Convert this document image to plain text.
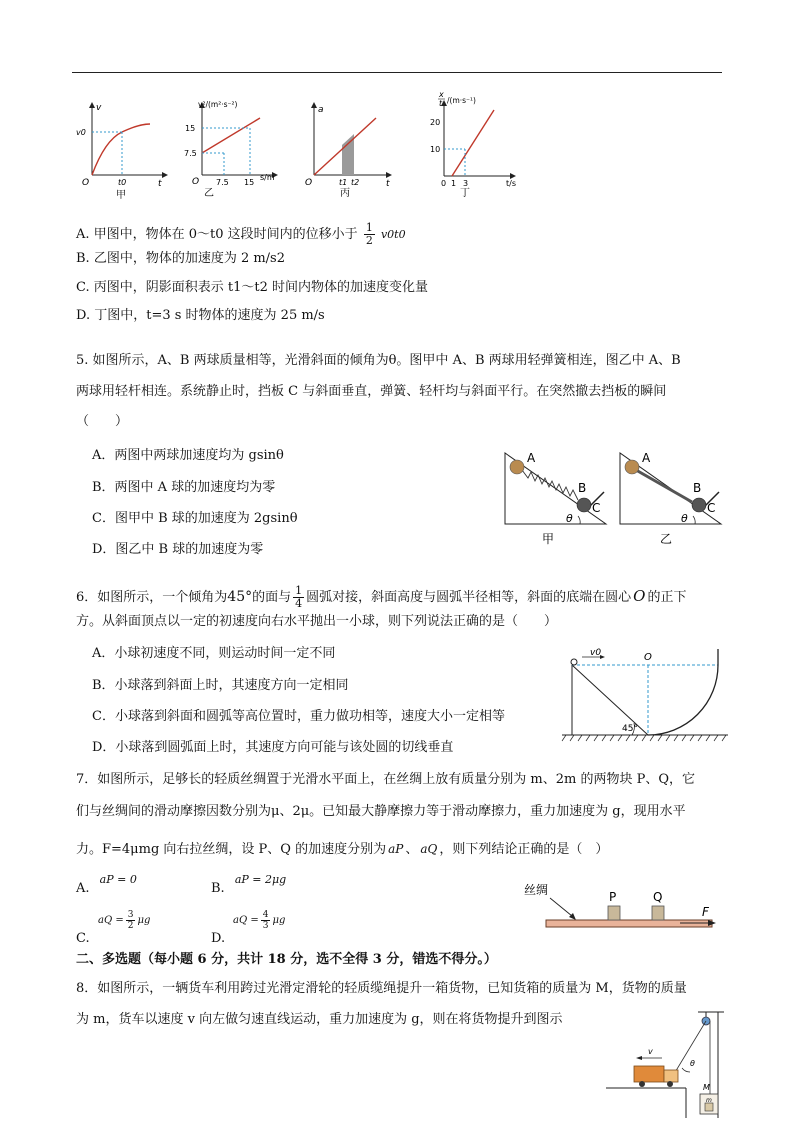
v
v0
O	t0	t
甲
v²/(m²·s⁻²)
15
7.5
O 7.5 15
s/m
乙
a
O	t1 t2	t
丙
x
t /(m·s⁻¹)
20
10
0 1 3	t/s
丁
A. 甲图中，物体在 0～t0 这段时间内的位移小于 $\frac{1}{2} v0t0$
B. 乙图中，物体的加速度为 2 m/s2
C. 丙图中，阴影面积表示 t1～t2 时间内物体的加速度变化量
D. 丁图中，t=3 s 时物体的速度为 25 m/s
5. 如图所示，A、B 两球质量相等，光滑斜面的倾角为θ。图甲中 A、B 两球用轻弹簧相连，图乙中 A、B
两球用轻杆相连。系统静止时，挡板 C 与斜面垂直，弹簧、轻杆均与斜面平行。在突然撤去挡板的瞬间
（　　）
A．两图中两球加速度均为 gsinθ
B．两图中 A 球的加速度均为零
C．图甲中 B 球的加速度为 2gsinθ
D．图乙中 B 球的加速度为零
A
B
C
θ
甲
A
B
C
θ
乙
6．如图所示，一个倾角为45°的面与 $\frac{1}{4}$ 圆弧对接，斜面高度与圆弧半径相等，斜面的底端在圆心 O 的正下
方。从斜面顶点以一定的初速度向右水平抛出一小球，则下列说法正确的是（　　）
A．小球初速度不同，则运动时间一定不同
B．小球落到斜面上时，其速度方向一定相同
C．小球落到斜面和圆弧等高位置时，重力做功相等，速度大小一定相等
D．小球落到圆弧面上时，其速度方向可能与该处圆的切线垂直
v0	O
45°
7．如图所示，足够长的轻质丝绸置于光滑水平面上，在丝绸上放有质量分别为 m、2m 的两物块 P、Q，它
们与丝绸间的滑动摩擦因数分别为μ、2μ。已知最大静摩擦力等于滑动摩擦力，重力加速度为 g，现用水平
力。F=4μmg 向右拉丝绸，设 P、Q 的加速度分别为 aP 、 aQ ，则下列结论正确的是（　）
A. $^{aP = 0}$
B. $^{aP = 2\mu g}$
aQ = $\frac{3}{2}$ μg
C.
aQ = $\frac{4}{3}$ μg
D.
丝绸	P	Q
F
二、多选题（每小题 6 分，共计 18 分，选不全得 3 分，错选不得分。）
8．如图所示，一辆货车利用跨过光滑定滑轮的轻质缆绳提升一箱货物，已知货箱的质量为 M，货物的质量
为 m，货车以速度 v 向左做匀速直线运动，重力加速度为 g，则在将货物提升到图示
v
θ
M
m
